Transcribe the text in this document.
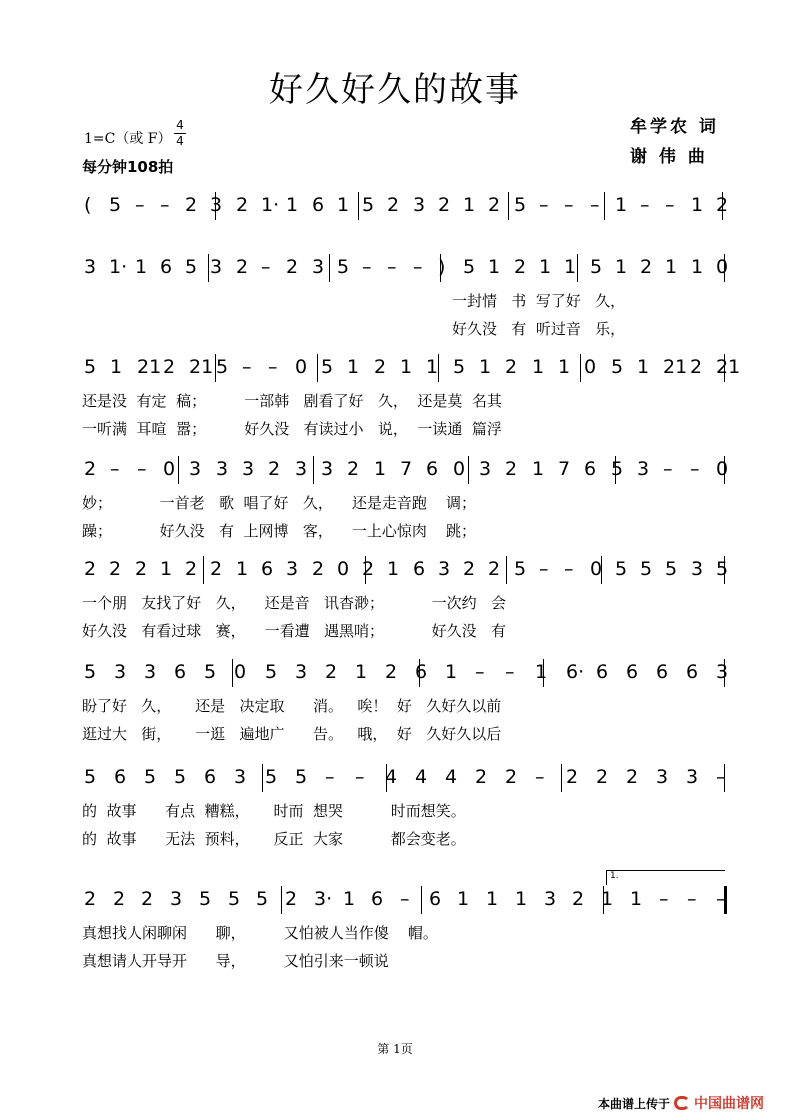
好久好久的故事
1=C（或 F）
4
4
每分钟108拍
牟学农 词
谢 伟 曲
( 5 – – 2 3 2 1· 1 6 1 5 2 3 2 1 2 5 – – – 1 – – 1 2
3 1· 1 6 5 3 2 – 2 3 5 – – – ) 5 1 2 1 1 5 1 2 1 1 0
一封情   书  写了好   久，
好久没   有  听过音   乐，
5 1 21 2 21 5 – – 0 5 1 2 1 1 5 1 2 1 1 0 5 1 21 2 21
还是没  有定  稿；        一部韩   剧看了好   久，  还是莫  名其
一听满  耳喧  嚣；        好久没   有读过小   说，  一读通  篇浮
2 – – 0 3 3 3 2 3 3 2 1 7 6 0 3 2 1 7 6 5 3 – – 0
妙；          一首老   歌  唱了好   久，    还是走音跑    调；
躁；          好久没   有  上网博   客，    一上心惊肉    跳；
2 2 2 1 2 2 1 6 3 2 0 2 1 6 3 2 2 5 – – 0 5 5 5 3 5
一个朋   友找了好   久，    还是音   讯杳渺；          一次约   会
好久没   有看过球   赛，    一看遭   遇黑哨；          好久没   有
5 3 3 6 5 0 5 3 2 1 2 6 1 – – 1 6· 6 6 6 6 3
盼了好   久，     还是   决定取      消。   唉！  好   久好久以前
逛过大   街，     一逛   遍地广      告。   哦，  好   久好久以后
5 6 5 5 6 3 5 5 – – 4 4 4 2 2 – 2 2 2 3 3 –
的  故事      有点  糟糕，     时而  想哭          时而想笑。
的  故事      无法  预料，     反正  大家          都会变老。
2 2 2 3 5 5 5 2 3· 1 6 – 6 1 1 1 3 2 1 1 – – –
1.
真想找人闲聊闲      聊，        又怕被人当作傻    帽。
真想请人开导开      导，        又怕引来一顿说
第 1页
本曲谱上传于 中国曲谱网
